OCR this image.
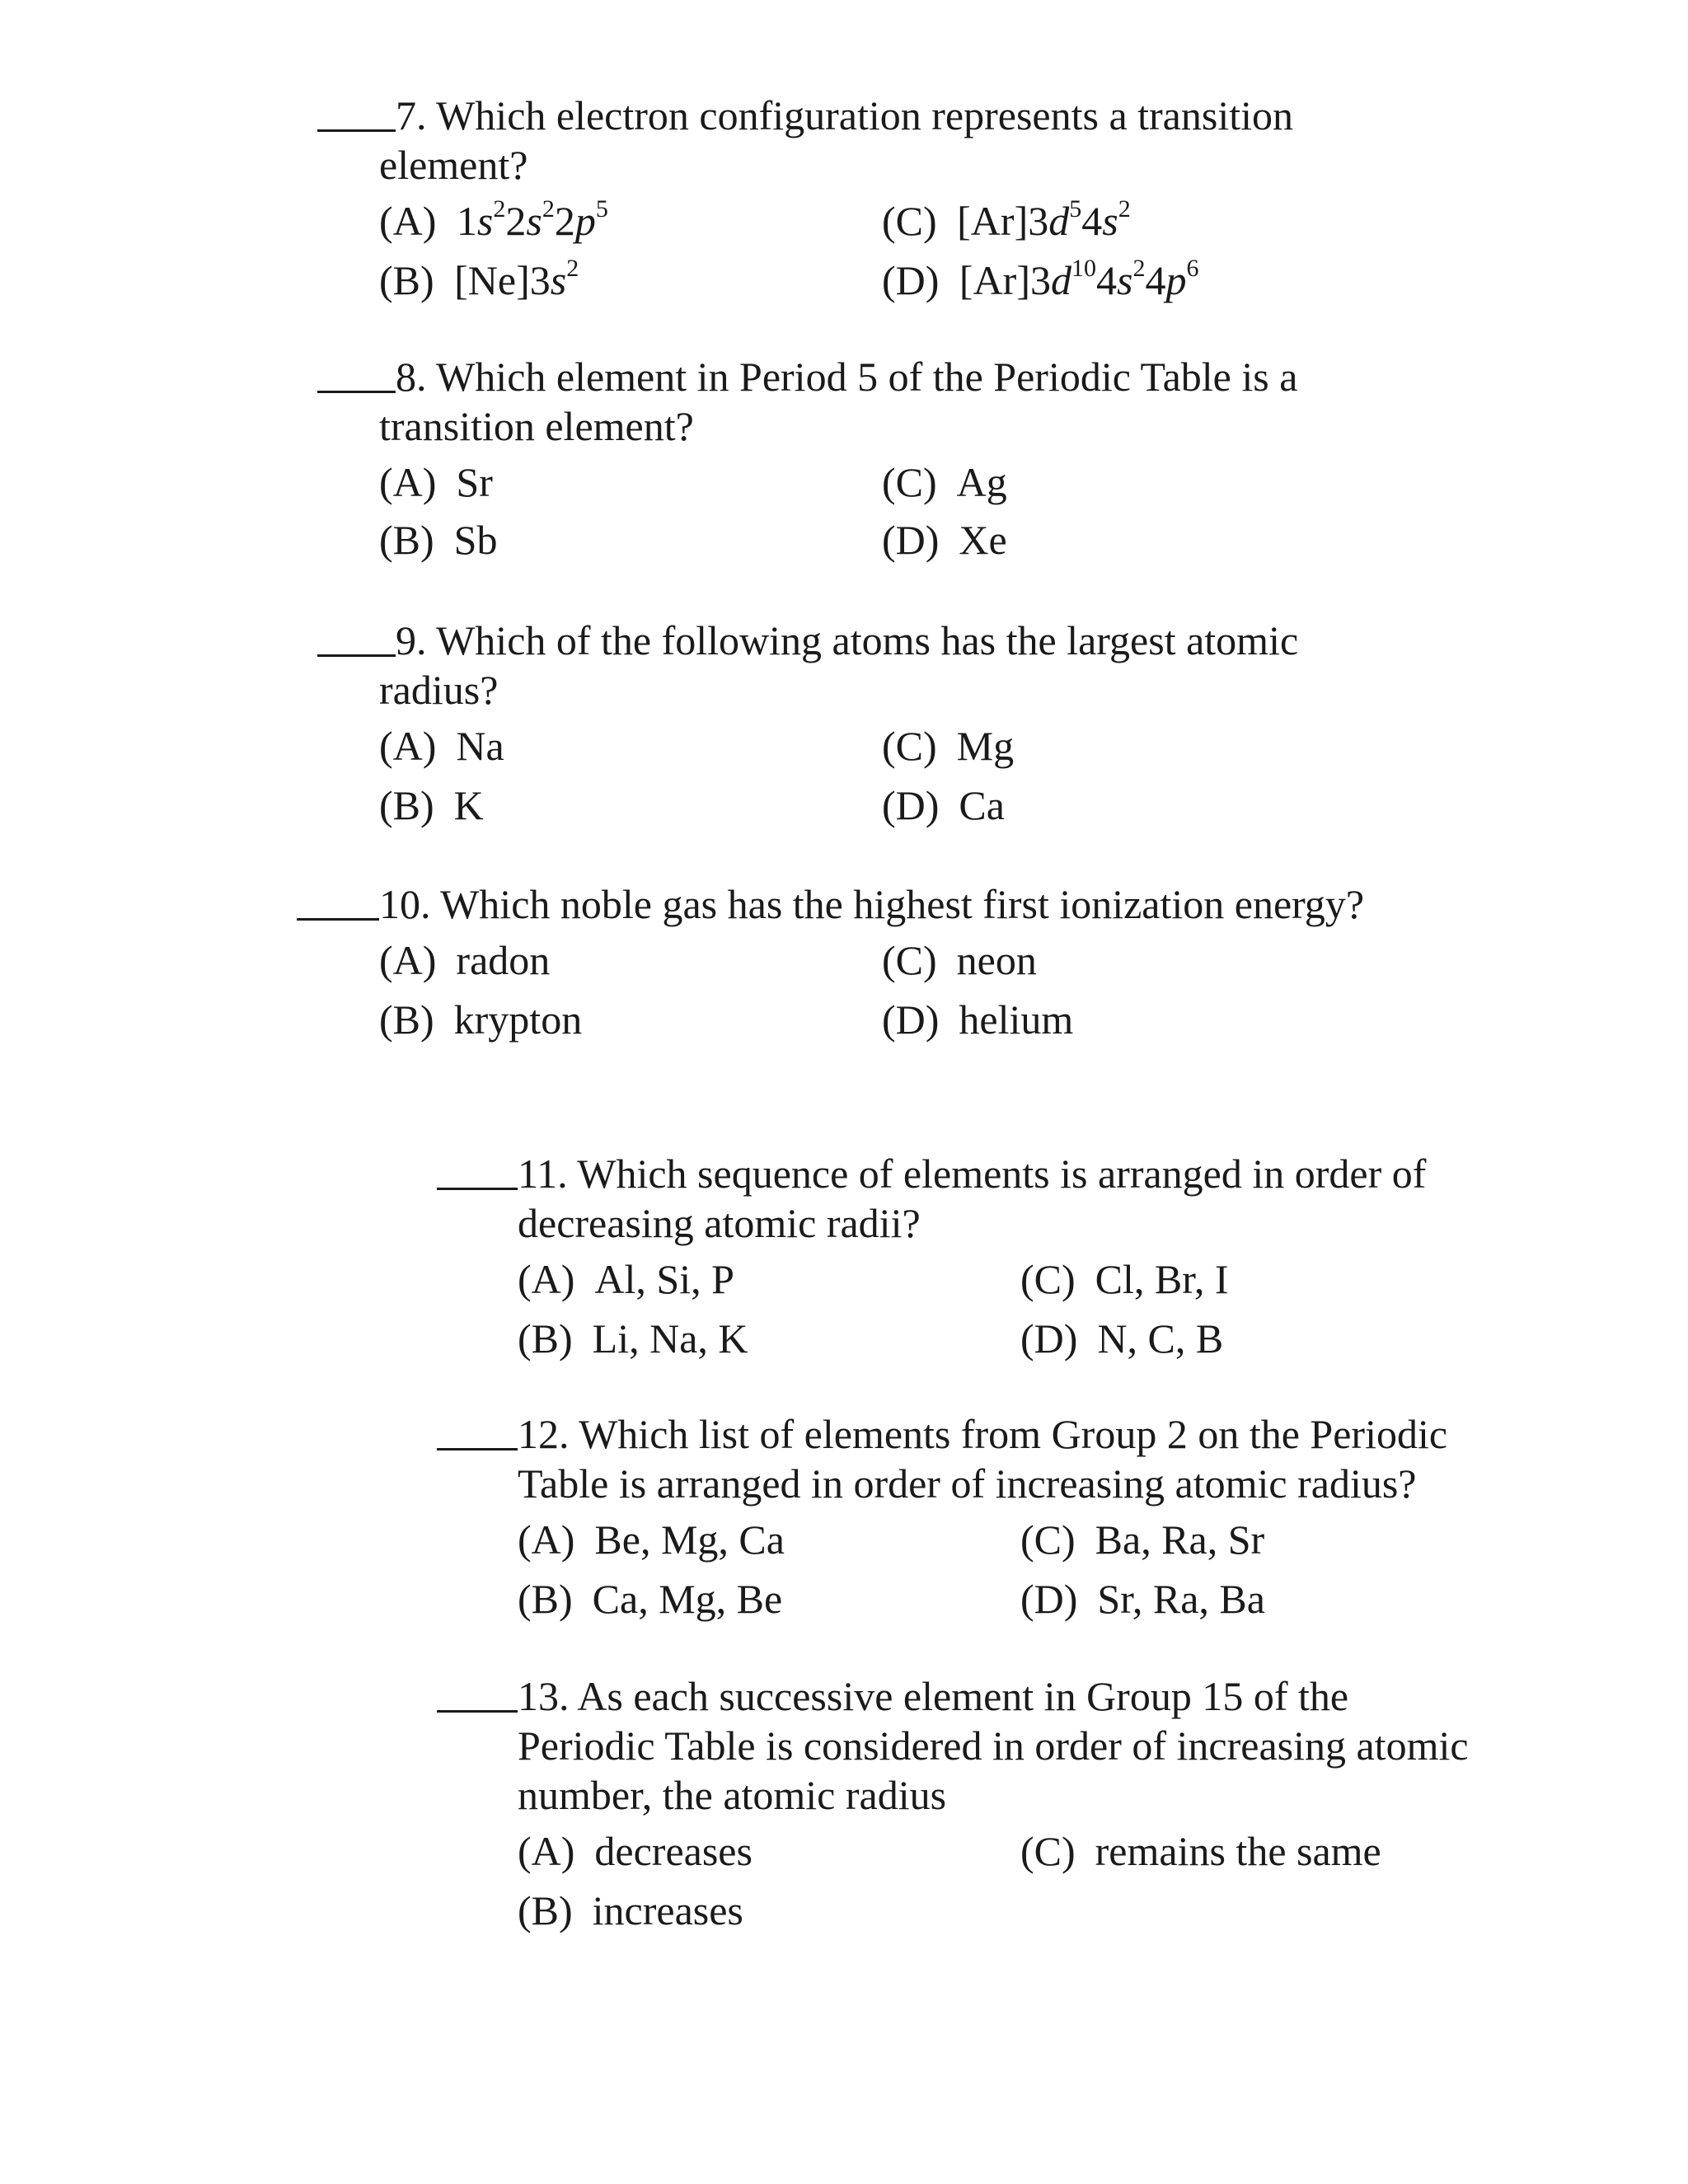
7. Which electron configuration represents a transition
element?
(A) $1s^22s^22p^5$
(B) $[Ne]3s^2$
(C) $[Ar]3d^54s^2$
(D) $[Ar]3d^{10}4s^24p^6$
8. Which element in Period 5 of the Periodic Table is a
transition element?
(A) Sr
(B) Sb
(C) Ag
(D) Xe
9. Which of the following atoms has the largest atomic
radius?
(A) Na
(B) K
(C) Mg
(D) Ca
10. Which noble gas has the highest first ionization energy?
(A) radon
(B) krypton
(C) neon
(D) helium
11. Which sequence of elements is arranged in order of
decreasing atomic radii?
(A) Al, Si, P
(B) Li, Na, K
(C) Cl, Br, I
(D) N, C, B
12. Which list of elements from Group 2 on the Periodic
Table is arranged in order of increasing atomic radius?
(A) Be, Mg, Ca
(B) Ca, Mg, Be
(C) Ba, Ra, Sr
(D) Sr, Ra, Ba
13. As each successive element in Group 15 of the
Periodic Table is considered in order of increasing atomic
number, the atomic radius
(A) decreases
(B) increases
(C) remains the same
